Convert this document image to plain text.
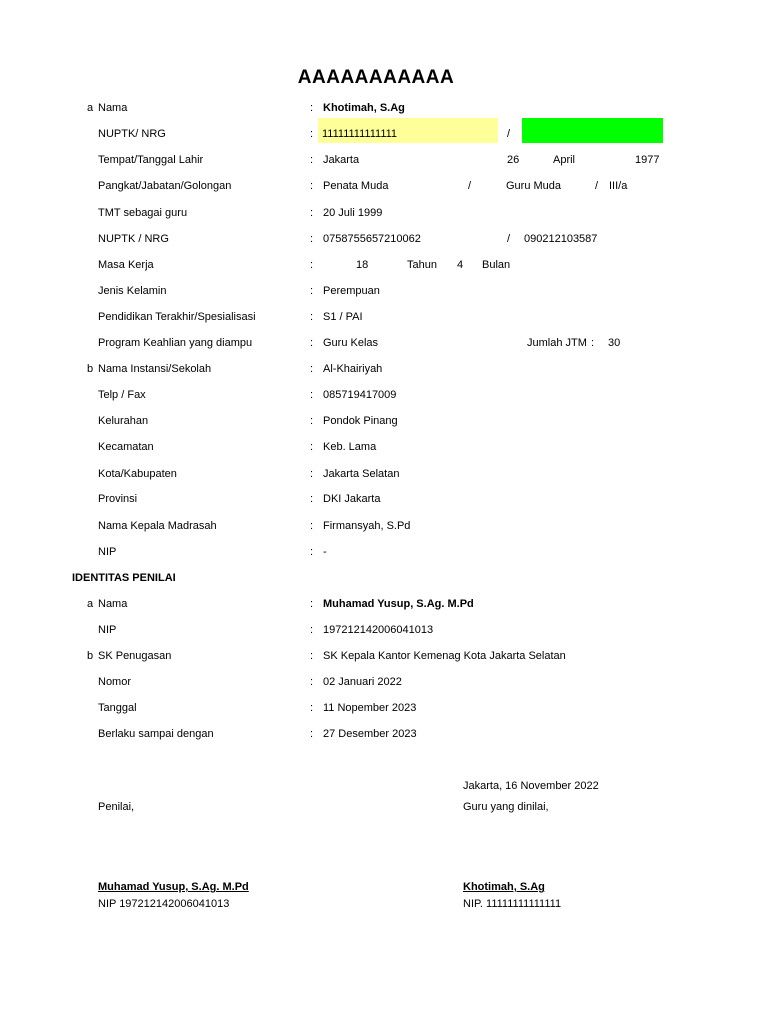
AAAAAAAAAAA
a Nama	: Khotimah, S.Ag
NUPTK/ NRG	: 11111111111111	/
Tempat/Tanggal Lahir	: Jakarta	26	April	1977
Pangkat/Jabatan/Golongan	: Penata Muda	/	Guru Muda	/ III/a
TMT sebagai guru	: 20 Juli 1999
NUPTK / NRG	: 0758755657210062	/ 090212103587
Masa Kerja	:	18	Tahun 4 Bulan
Jenis Kelamin	: Perempuan
Pendidikan Terakhir/Spesialisasi	: S1 / PAI
Program Keahlian yang diampu	: Guru Kelas	Jumlah JTM : 30
b Nama Instansi/Sekolah	: Al-Khairiyah
Telp / Fax	: 085719417009
Kelurahan	: Pondok Pinang
Kecamatan	: Keb. Lama
Kota/Kabupaten	: Jakarta Selatan
Provinsi	: DKI Jakarta
Nama Kepala Madrasah	: Firmansyah, S.Pd
NIP	: -
IDENTITAS PENILAI
a Nama	: Muhamad Yusup, S.Ag. M.Pd
NIP	: 197212142006041013
b SK Penugasan	: SK Kepala Kantor Kemenag Kota Jakarta Selatan
Nomor	: 02 Januari 2022
Tanggal	: 11 Nopember 2023
Berlaku sampai dengan	: 27 Desember 2023
Jakarta, 16 November 2022
Penilai,	Guru yang dinilai,
Muhamad Yusup, S.Ag. M.Pd	Khotimah, S.Ag
NIP 197212142006041013	NIP. 11111111111111
